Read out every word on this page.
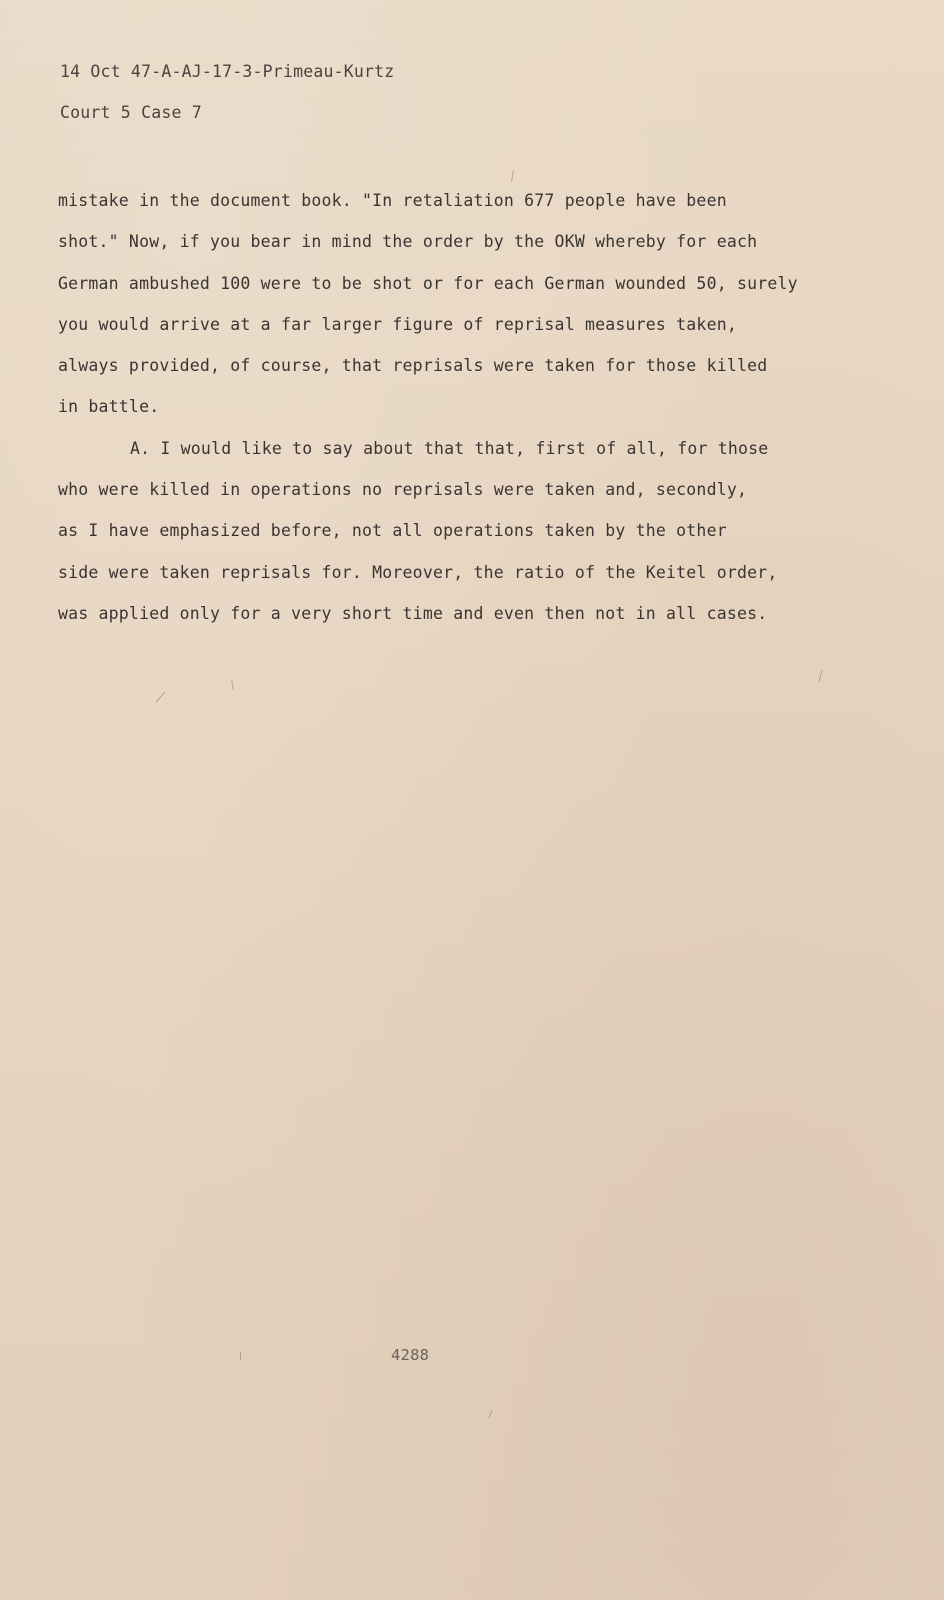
14 Oct 47-A-AJ-17-3-Primeau-Kurtz

Court 5 Case 7

mistake in the document book. "In retaliation 677 people have been
shot." Now, if you bear in mind the order by the OKW whereby for each
German ambushed 100 were to be shot or for each German wounded 50, surely
you would arrive at a far larger figure of reprisal measures taken,
always provided, of course, that reprisals were taken for those killed
in battle.
A. I would like to say about that that, first of all, for those
who were killed in operations no reprisals were taken and, secondly,
as I have emphasized before, not all operations taken by the other
side were taken reprisals for. Moreover, the ratio of the Keitel order,
was applied only for a very short time and even then not in all cases.
4288
